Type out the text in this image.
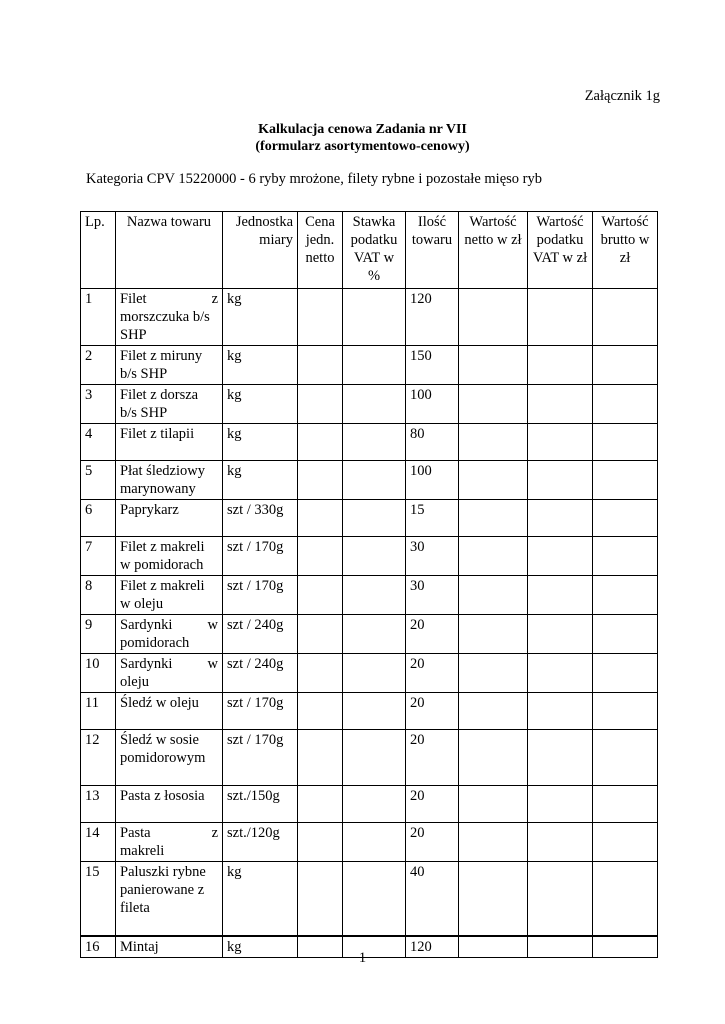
Załącznik 1g
Kalkulacja cenowa Zadania nr VII
(formularz asortymentowo-cenowy)
Kategoria CPV 15220000 - 6 ryby mrożone, filety rybne i pozostałe mięso ryb
Lp.	Nazwa towaru	Jednostka miary	Cena jedn. netto	Stawka podatku VAT w %	Ilość towaru	Wartość netto w zł	Wartość podatku VAT w zł	Wartość brutto w zł
1	Filet z
morszczuka b/s SHP	kg			120			
2	Filet z miruny b/s SHP	kg			150			
3	Filet z dorsza  b/s SHP	kg			100			
4	Filet z tilapii	kg			80			
5	Płat śledziowy marynowany	kg			100			
6	Paprykarz	szt / 330g			15			
7	Filet z makreli w pomidorach	szt / 170g			30			
8	Filet z makreli w oleju	szt / 170g			30			
9	Sardynki w
pomidorach	szt / 240g			20			
10	Sardynki w
oleju	szt / 240g			20			
11	Śledź w oleju	szt / 170g			20			
12	Śledź w sosie pomidorowym	szt / 170g			20			
13	Pasta z łososia	szt./150g			20			
14	Pasta z
makreli	szt./120g			20			
15	Paluszki rybne panierowane z fileta	kg			40			
16	Mintaj	kg			120			
1
